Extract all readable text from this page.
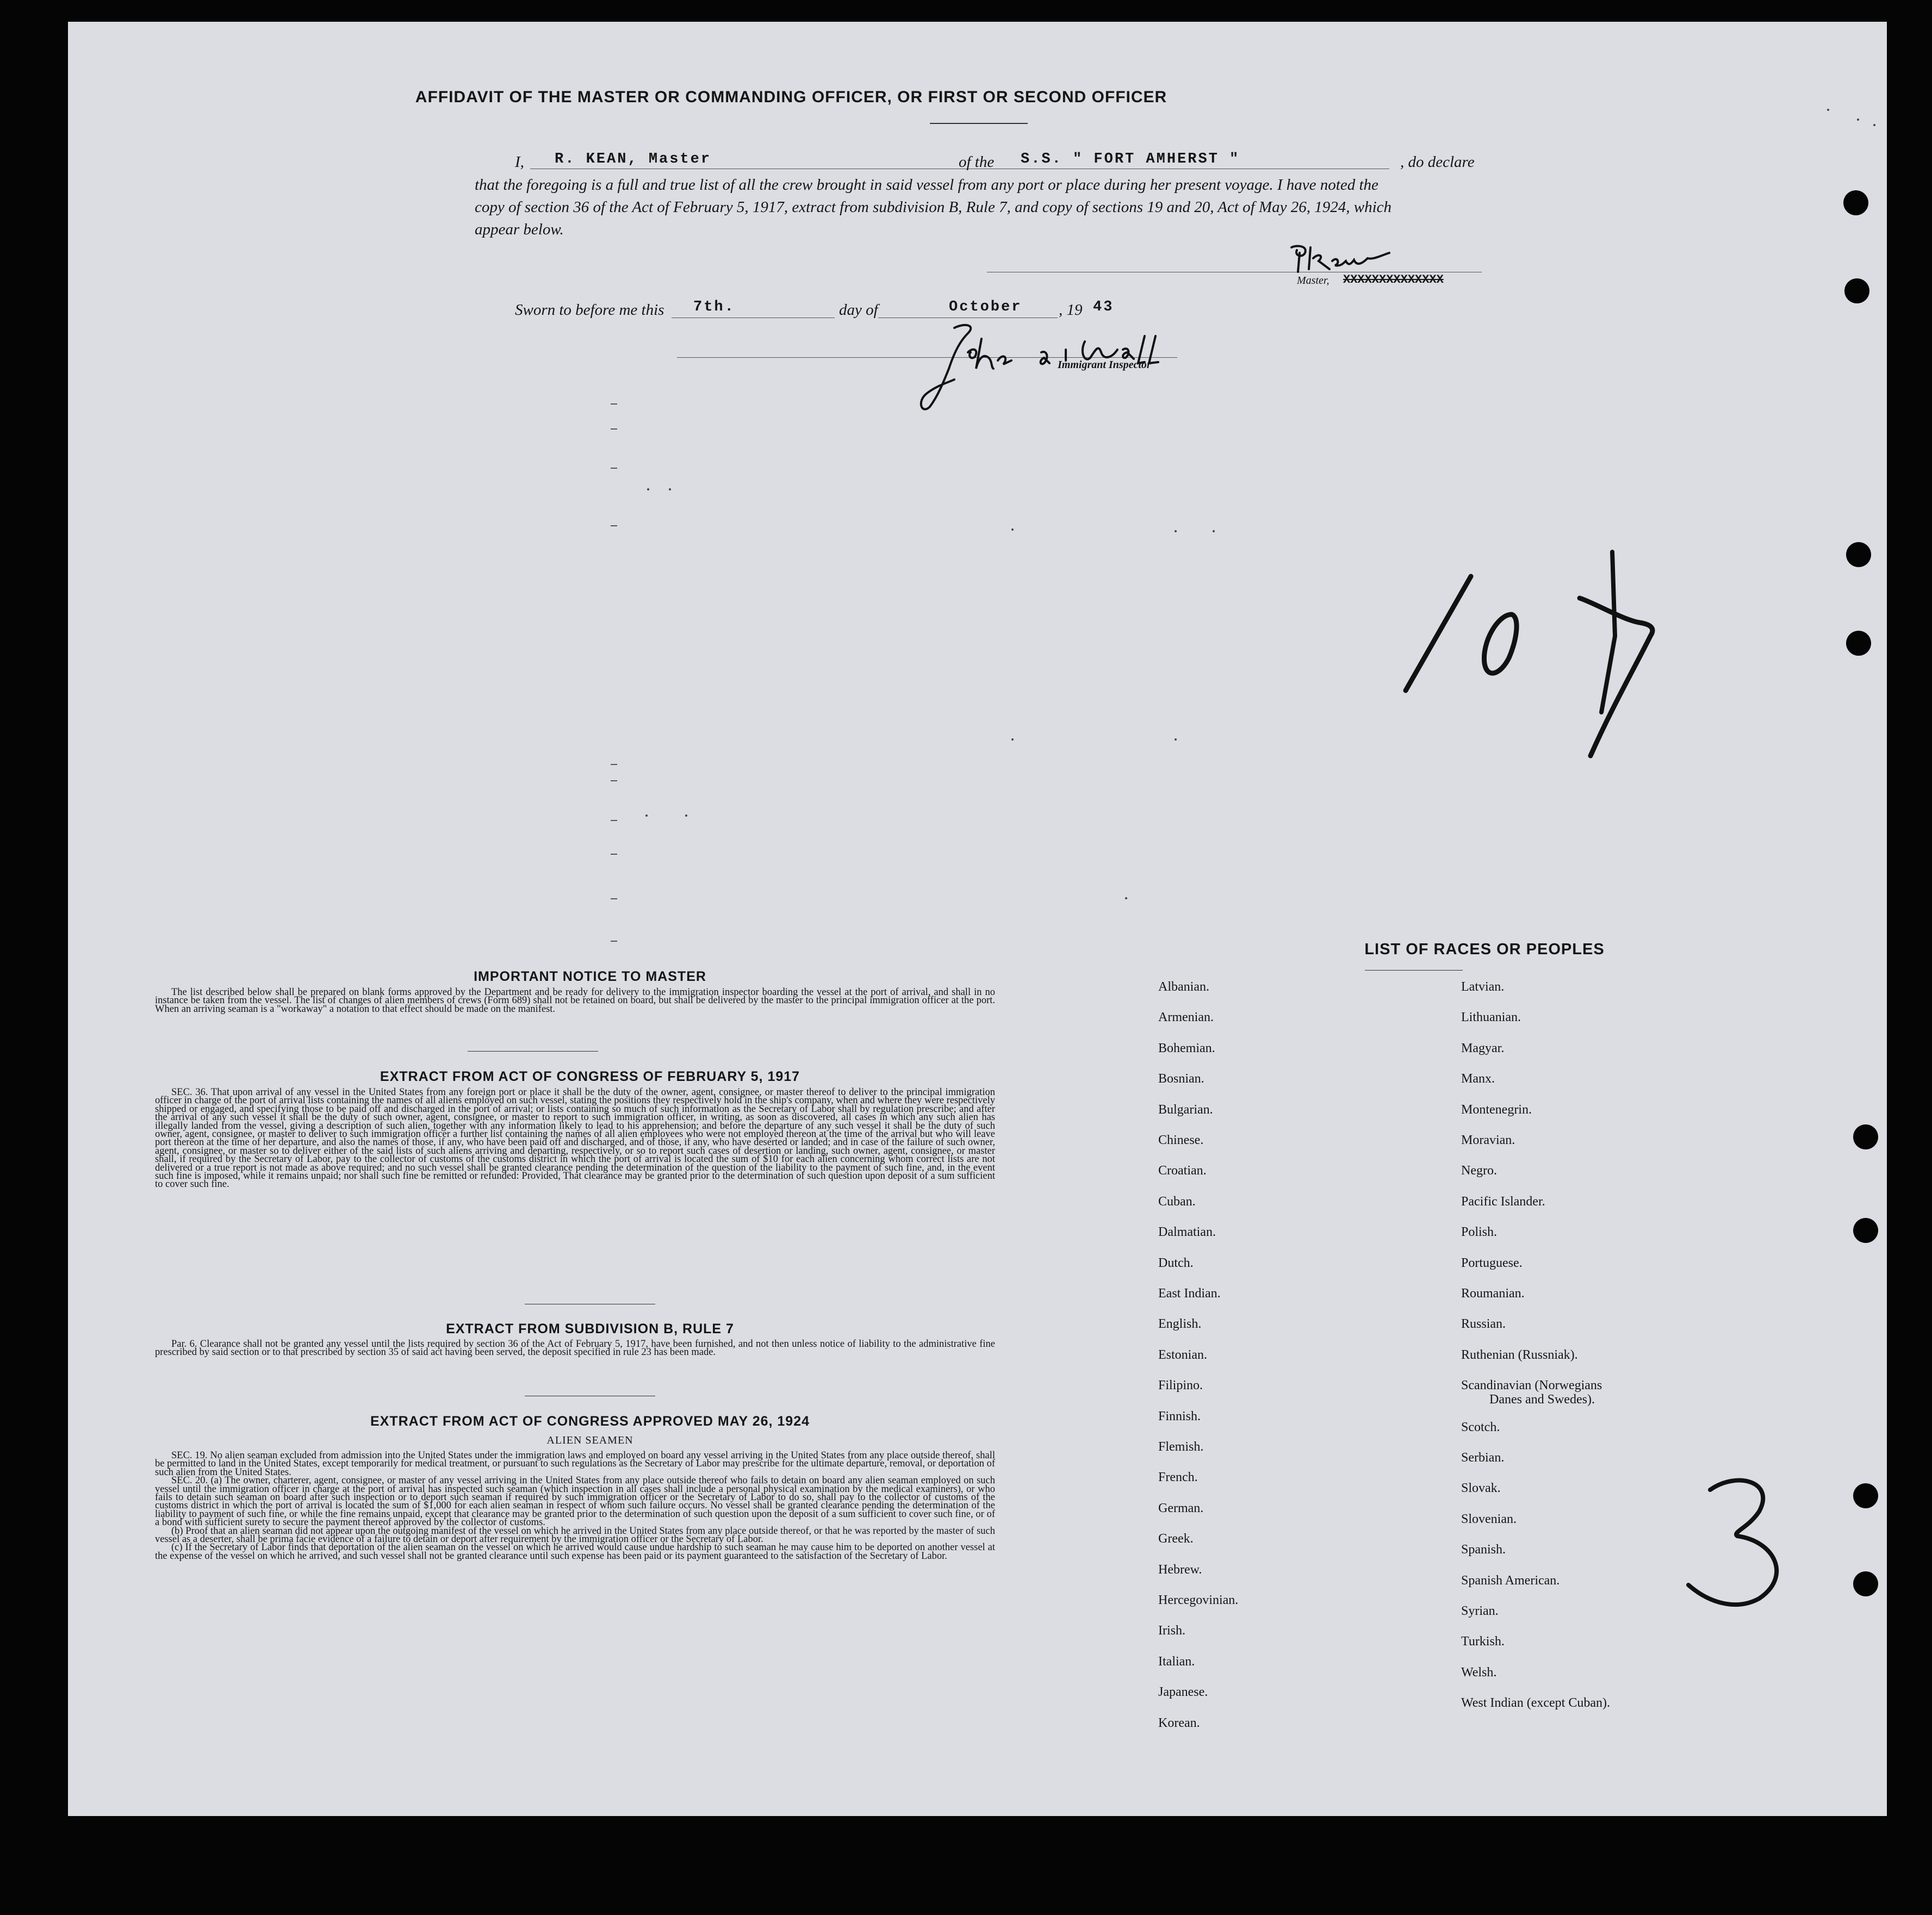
AFFIDAVIT OF THE MASTER OR COMMANDING OFFICER, OR FIRST OR SECOND OFFICER
I, R. KEAN, Master	of the S.S. " FORT AMHERST "	, do declare
that the foregoing is a full and true list of all the crew brought in said vessel from any port or place during her present voyage. I have noted the
copy of section 36 of the Act of February 5, 1917, extract from subdivision B, Rule 7, and copy of sections 19 and 20, Act of May 26, 1924, which
appear below.
Master, XXXXXXXXXXXXXX
Sworn to before me this 7th.	day of	October , 19 43
Immigrant Inspector
IMPORTANT NOTICE TO MASTER

The list described below shall be prepared on blank forms approved by the Department and be ready for delivery to the immigration inspector boarding the vessel at the port of arrival, and shall in no instance be taken from the vessel. The list of changes of alien members of crews (Form 689) shall not be retained on board, but shall be delivered by the master to the principal immigration officer at the port. When an arriving seaman is a "workaway" a notation to that effect should be made on the manifest.

EXTRACT FROM ACT OF CONGRESS OF FEBRUARY 5, 1917

SEC. 36. That upon arrival of any vessel in the United States from any foreign port or place it shall be the duty of the owner, agent, consignee, or master thereof to deliver to the principal immigration officer in charge of the port of arrival lists containing the names of all aliens employed on such vessel, stating the positions they respectively hold in the ship's company, when and where they were respectively shipped or engaged, and specifying those to be paid off and discharged in the port of arrival; or lists containing so much of such information as the Secretary of Labor shall by regulation prescribe; and after the arrival of any such vessel it shall be the duty of such owner, agent, consignee, or master to report to such immigration officer, in writing, as soon as discovered, all cases in which any such alien has illegally landed from the vessel, giving a description of such alien, together with any information likely to lead to his apprehension; and before the departure of any such vessel it shall be the duty of such owner, agent, consignee, or master to deliver to such immigration officer a further list containing the names of all alien employees who were not employed thereon at the time of the arrival but who will leave port thereon at the time of her departure, and also the names of those, if any, who have been paid off and discharged, and of those, if any, who have deserted or landed; and in case of the failure of such owner, agent, consignee, or master so to deliver either of the said lists of such aliens arriving and departing, respectively, or so to report such cases of desertion or landing, such owner, agent, consignee, or master shall, if required by the Secretary of Labor, pay to the collector of customs of the customs district in which the port of arrival is located the sum of $10 for each alien concerning whom correct lists are not delivered or a true report is not made as above required; and no such vessel shall be granted clearance pending the determination of the question of the liability to the payment of such fine, and, in the event such fine is imposed, while it remains unpaid; nor shall such fine be remitted or refunded: Provided, That clearance may be granted prior to the determination of such question upon deposit of a sum sufficient to cover such fine.

EXTRACT FROM SUBDIVISION B, RULE 7

Par. 6. Clearance shall not be granted any vessel until the lists required by section 36 of the Act of February 5, 1917, have been furnished, and not then unless notice of liability to the administrative fine prescribed by said section or to that prescribed by section 35 of said act having been served, the deposit specified in rule 23 has been made.

EXTRACT FROM ACT OF CONGRESS APPROVED MAY 26, 1924
ALIEN SEAMEN

SEC. 19. No alien seaman excluded from admission into the United States under the immigration laws and employed on board any vessel arriving in the United States from any place outside thereof, shall be permitted to land in the United States, except temporarily for medical treatment, or pursuant to such regulations as the Secretary of Labor may prescribe for the ultimate departure, removal, or deportation of such alien from the United States.

SEC. 20. (a) The owner, charterer, agent, consignee, or master of any vessel arriving in the United States from any place outside thereof who fails to detain on board any alien seaman employed on such vessel until the immigration officer in charge at the port of arrival has inspected such seaman (which inspection in all cases shall include a personal physical examination by the medical examiners), or who fails to detain such seaman on board after such inspection or to deport such seaman if required by such immigration officer or the Secretary of Labor to do so, shall pay to the collector of customs of the customs district in which the port of arrival is located the sum of $1,000 for each alien seaman in respect of whom such failure occurs. No vessel shall be granted clearance pending the determination of the liability to payment of such fine, or while the fine remains unpaid, except that clearance may be granted prior to the determination of such question upon the deposit of a sum sufficient to cover such fine, or of a bond with sufficient surety to secure the payment thereof approved by the collector of customs.

(b) Proof that an alien seaman did not appear upon the outgoing manifest of the vessel on which he arrived in the United States from any place outside thereof, or that he was reported by the master of such vessel as a deserter, shall be prima facie evidence of a failure to detain or deport after requirement by the immigration officer or the Secretary of Labor.

(c) If the Secretary of Labor finds that deportation of the alien seaman on the vessel on which he arrived would cause undue hardship to such seaman he may cause him to be deported on another vessel at the expense of the vessel on which he arrived, and such vessel shall not be granted clearance until such expense has been paid or its payment guaranteed to the satisfaction of the Secretary of Labor.

LIST OF RACES OR PEOPLES
Albanian.
Armenian.
Bohemian.
Bosnian.
Bulgarian.
Chinese.
Croatian.
Cuban.
Dalmatian.
Dutch.
East Indian.
English.
Estonian.
Filipino.
Finnish.
Flemish.
French.
German.
Greek.
Hebrew.
Hercegovinian.
Irish.
Italian.
Japanese.
Korean.
Latvian.
Lithuanian.
Magyar.
Manx.
Montenegrin.
Moravian.
Negro.
Pacific Islander.
Polish.
Portuguese.
Roumanian.
Russian.
Ruthenian (Russniak).
Scandinavian (Norwegians
Danes and Swedes).
Scotch.
Serbian.
Slovak.
Slovenian.
Spanish.
Spanish American.
Syrian.
Turkish.
Welsh.
West Indian (except Cuban).
